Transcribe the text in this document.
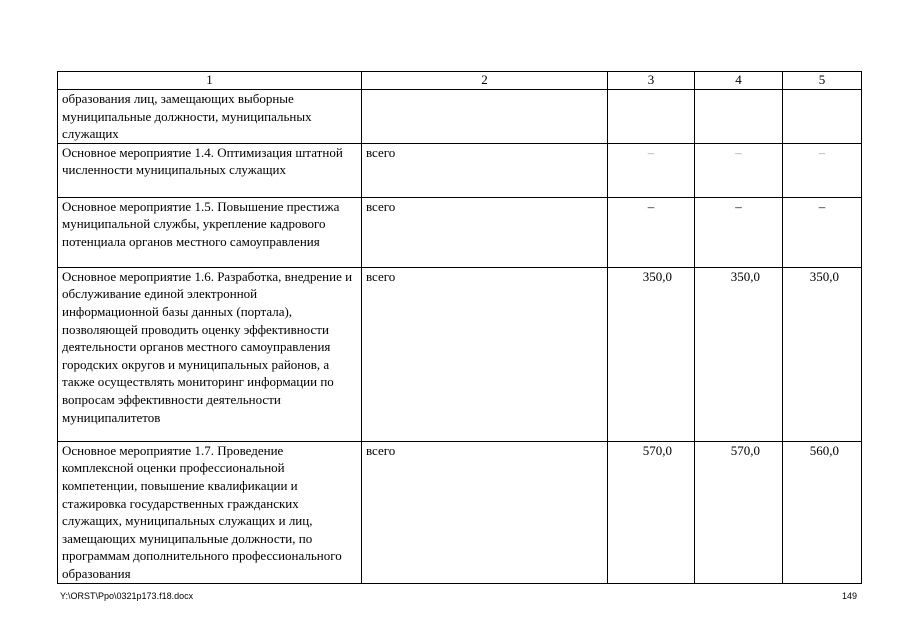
1	2	3	4	5
образования лиц, замещающих выборные муниципальные должности, муниципальных служащих				
Основное мероприятие 1.4. Оптимизация штатной численности муниципальных служащих	всего	–	–	–
Основное мероприятие 1.5. Повышение престижа муниципальной службы, укрепление кадрового потенциала органов местного самоуправления	всего	–	–	–
Основное мероприятие 1.6. Разработка, внедрение и обслуживание единой электронной информационной базы данных (портала), позволяющей проводить оценку эффективности деятельности органов местного самоуправления городских округов и муниципальных районов, а также осуществлять мониторинг информации по вопросам эффективности деятельности муниципалитетов	всего	350,0	350,0	350,0
Основное мероприятие 1.7. Проведение комплексной оценки профессиональной компетенции, повышение квалификации и стажировка государственных гражданских служащих, муниципальных служащих и лиц, замещающих муниципальные должности, по программам дополнительного профессионального образования	всего	570,0	570,0	560,0
Y:\ORST\Ppo\0321p173.f18.docx	149
